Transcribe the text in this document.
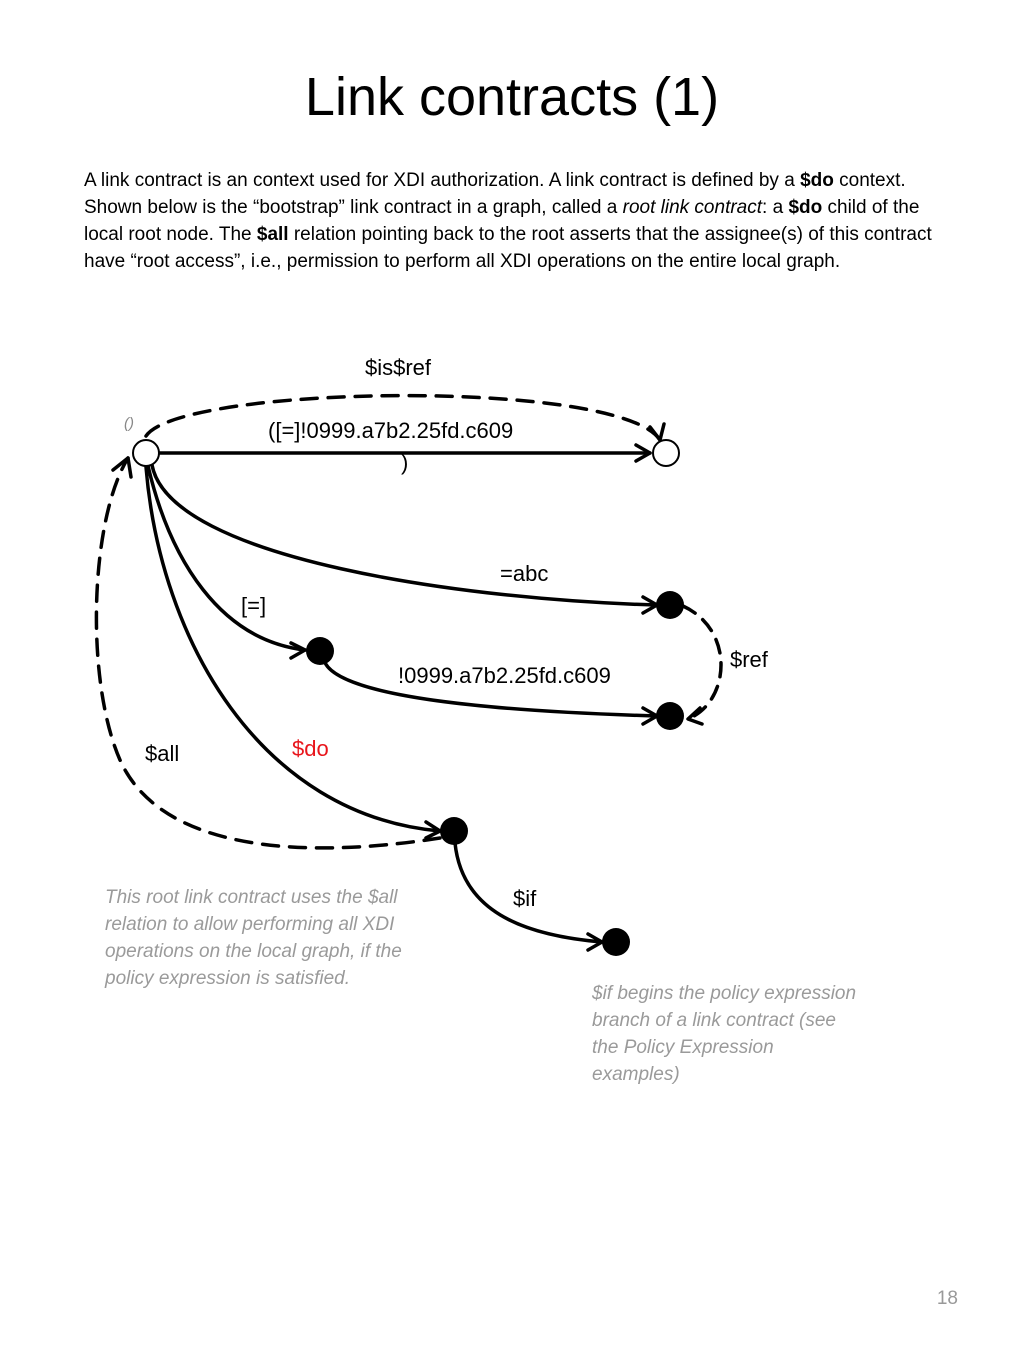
Link contracts (1)

A link contract is an context used for XDI authorization. A link contract is defined by a $do context. Shown below is the “bootstrap” link contract in a graph, called a root link contract: a $do child of the local root node. The $all relation pointing back to the root asserts that the assignee(s) of this contract have “root access”, i.e., permission to perform all XDI operations on the entire local graph.

()
$is$ref
([=]!0999.a7b2.25fd.c609
)
=abc
[=]
!0999.a7b2.25fd.c609
$ref
$all	$do
$if

This root link contract uses the $all relation to allow performing all XDI operations on the local graph, if the policy expression is satisfied.

$if begins the policy expression branch of a link contract (see the Policy Expression examples)

18
